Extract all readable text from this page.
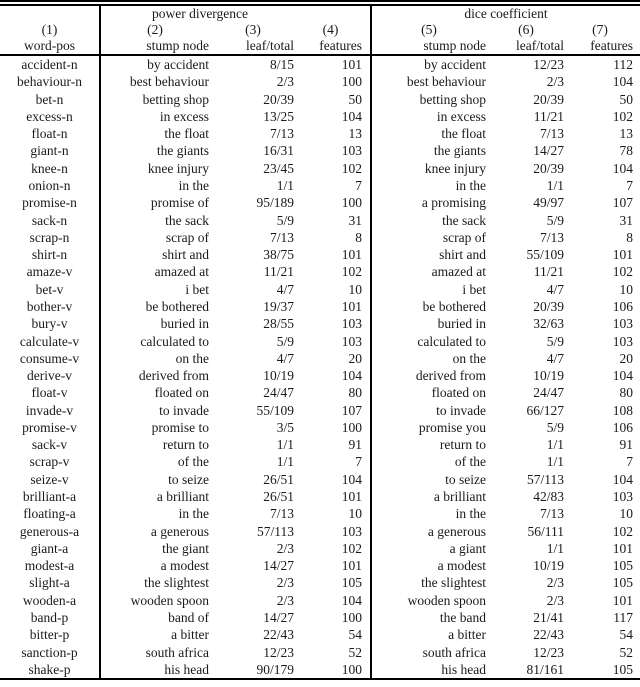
	power divergence			dice coefficient		
(1)	(2)	(3)	(4)	(5)	(6)	(7)
word-pos	stump node	leaf/total	features	stump node	leaf/total	features
accident-n	by accident	8/15	101	by accident	12/23	112
behaviour-n	best behaviour	2/3	100	best behaviour	2/3	104
bet-n	betting shop	20/39	50	betting shop	20/39	50
excess-n	in excess	13/25	104	in excess	11/21	102
float-n	the float	7/13	13	the float	7/13	13
giant-n	the giants	16/31	103	the giants	14/27	78
knee-n	knee injury	23/45	102	knee injury	20/39	104
onion-n	in the	1/1	7	in the	1/1	7
promise-n	promise of	95/189	100	a promising	49/97	107
sack-n	the sack	5/9	31	the sack	5/9	31
scrap-n	scrap of	7/13	8	scrap of	7/13	8
shirt-n	shirt and	38/75	101	shirt and	55/109	101
amaze-v	amazed at	11/21	102	amazed at	11/21	102
bet-v	i bet	4/7	10	i bet	4/7	10
bother-v	be bothered	19/37	101	be bothered	20/39	106
bury-v	buried in	28/55	103	buried in	32/63	103
calculate-v	calculated to	5/9	103	calculated to	5/9	103
consume-v	on the	4/7	20	on the	4/7	20
derive-v	derived from	10/19	104	derived from	10/19	104
float-v	floated on	24/47	80	floated on	24/47	80
invade-v	to invade	55/109	107	to invade	66/127	108
promise-v	promise to	3/5	100	promise you	5/9	106
sack-v	return to	1/1	91	return to	1/1	91
scrap-v	of the	1/1	7	of the	1/1	7
seize-v	to seize	26/51	104	to seize	57/113	104
brilliant-a	a brilliant	26/51	101	a brilliant	42/83	103
floating-a	in the	7/13	10	in the	7/13	10
generous-a	a generous	57/113	103	a generous	56/111	102
giant-a	the giant	2/3	102	a giant	1/1	101
modest-a	a modest	14/27	101	a modest	10/19	105
slight-a	the slightest	2/3	105	the slightest	2/3	105
wooden-a	wooden spoon	2/3	104	wooden spoon	2/3	101
band-p	band of	14/27	100	the band	21/41	117
bitter-p	a bitter	22/43	54	a bitter	22/43	54
sanction-p	south africa	12/23	52	south africa	12/23	52
shake-p	his head	90/179	100	his head	81/161	105
